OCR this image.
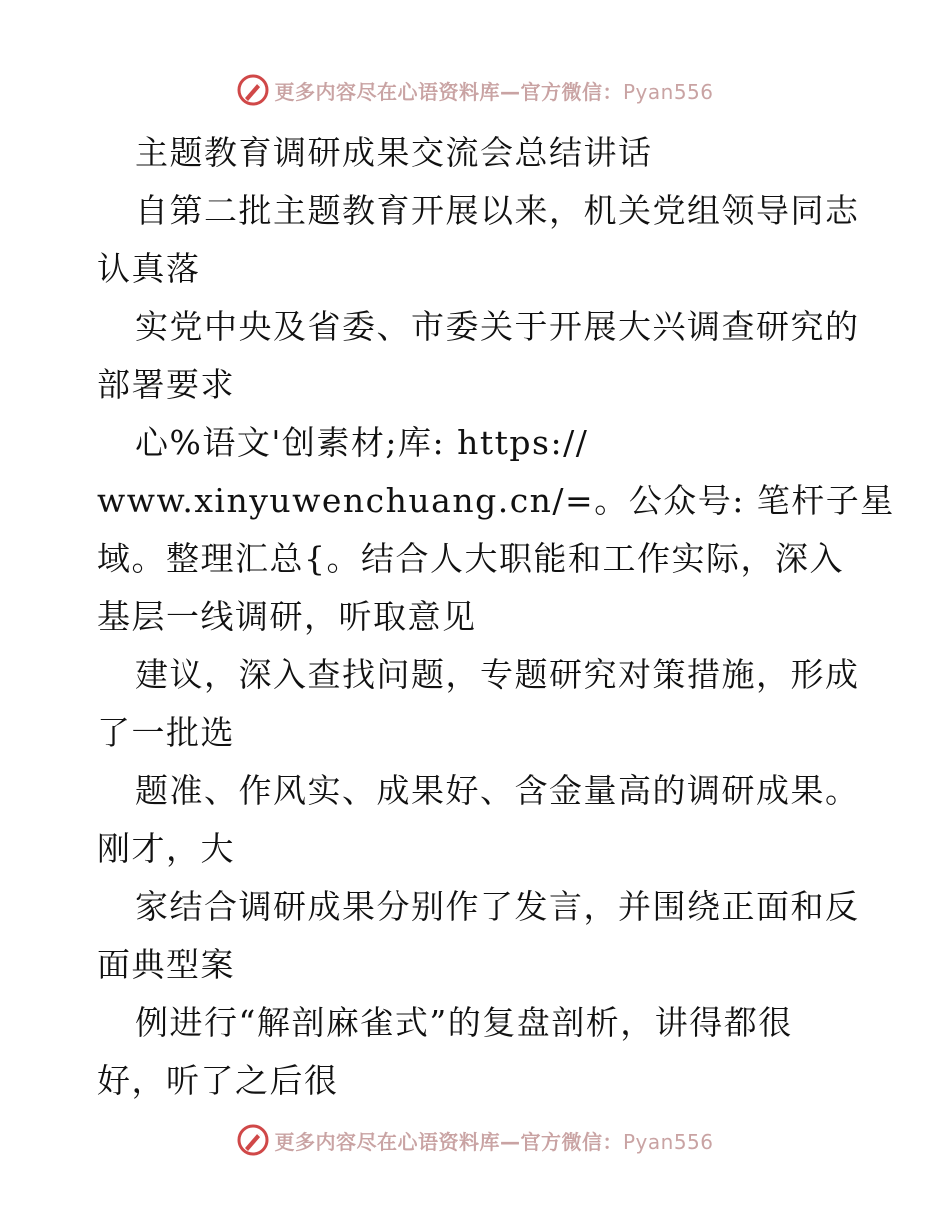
更多内容尽在心语资料库—官方微信：Pyan556
主题教育调研成果交流会总结讲话
自第二批主题教育开展以来，机关党组领导同志
认真落
实党中央及省委、市委关于开展大兴调查研究的
部署要求
心%语文'创素材;库: https://
www.xinyuwenchuang.cn/=。公众号: 笔杆子星
域。整理汇总{。结合人大职能和工作实际，深入
基层一线调研，听取意见
建议，深入查找问题，专题研究对策措施，形成
了一批选
题准、作风实、成果好、含金量高的调研成果。
刚才，大
家结合调研成果分别作了发言，并围绕正面和反
面典型案
例进行“解剖麻雀式”的复盘剖析，讲得都很
好，听了之后很
更多内容尽在心语资料库—官方微信：Pyan556
